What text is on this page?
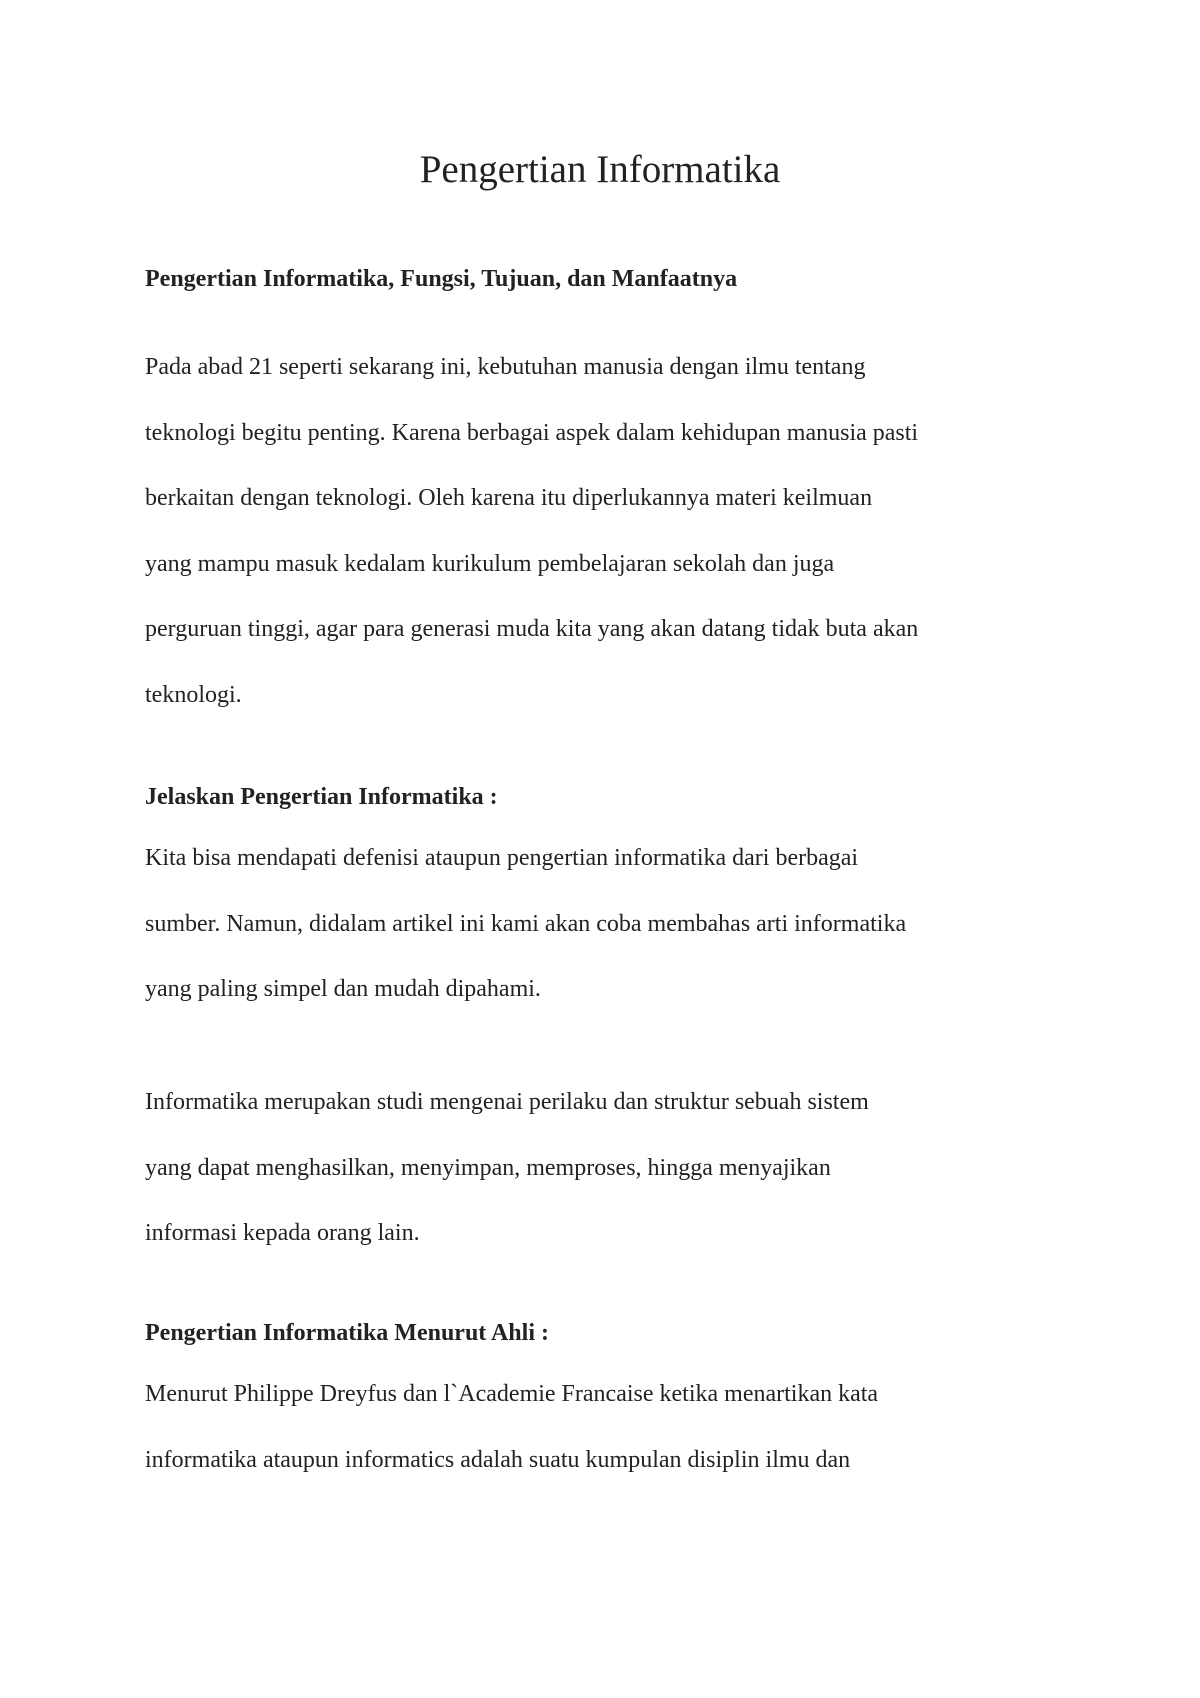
Pengertian Informatika
Pengertian Informatika, Fungsi, Tujuan, dan Manfaatnya

Pada abad 21 seperti sekarang ini, kebutuhan manusia dengan ilmu tentang
teknologi begitu penting. Karena berbagai aspek dalam kehidupan manusia pasti
berkaitan dengan teknologi. Oleh karena itu diperlukannya materi keilmuan
yang mampu masuk kedalam kurikulum pembelajaran sekolah dan juga
perguruan tinggi, agar para generasi muda kita yang akan datang tidak buta akan
teknologi.

Jelaskan Pengertian Informatika :

Kita bisa mendapati defenisi ataupun pengertian informatika dari berbagai
sumber. Namun, didalam artikel ini kami akan coba membahas arti informatika
yang paling simpel dan mudah dipahami.

Informatika merupakan studi mengenai perilaku dan struktur sebuah sistem
yang dapat menghasilkan, menyimpan, memproses, hingga menyajikan
informasi kepada orang lain.

Pengertian Informatika Menurut Ahli :

Menurut Philippe Dreyfus dan l`Academie Francaise ketika menartikan kata
informatika ataupun informatics adalah suatu kumpulan disiplin ilmu dan
